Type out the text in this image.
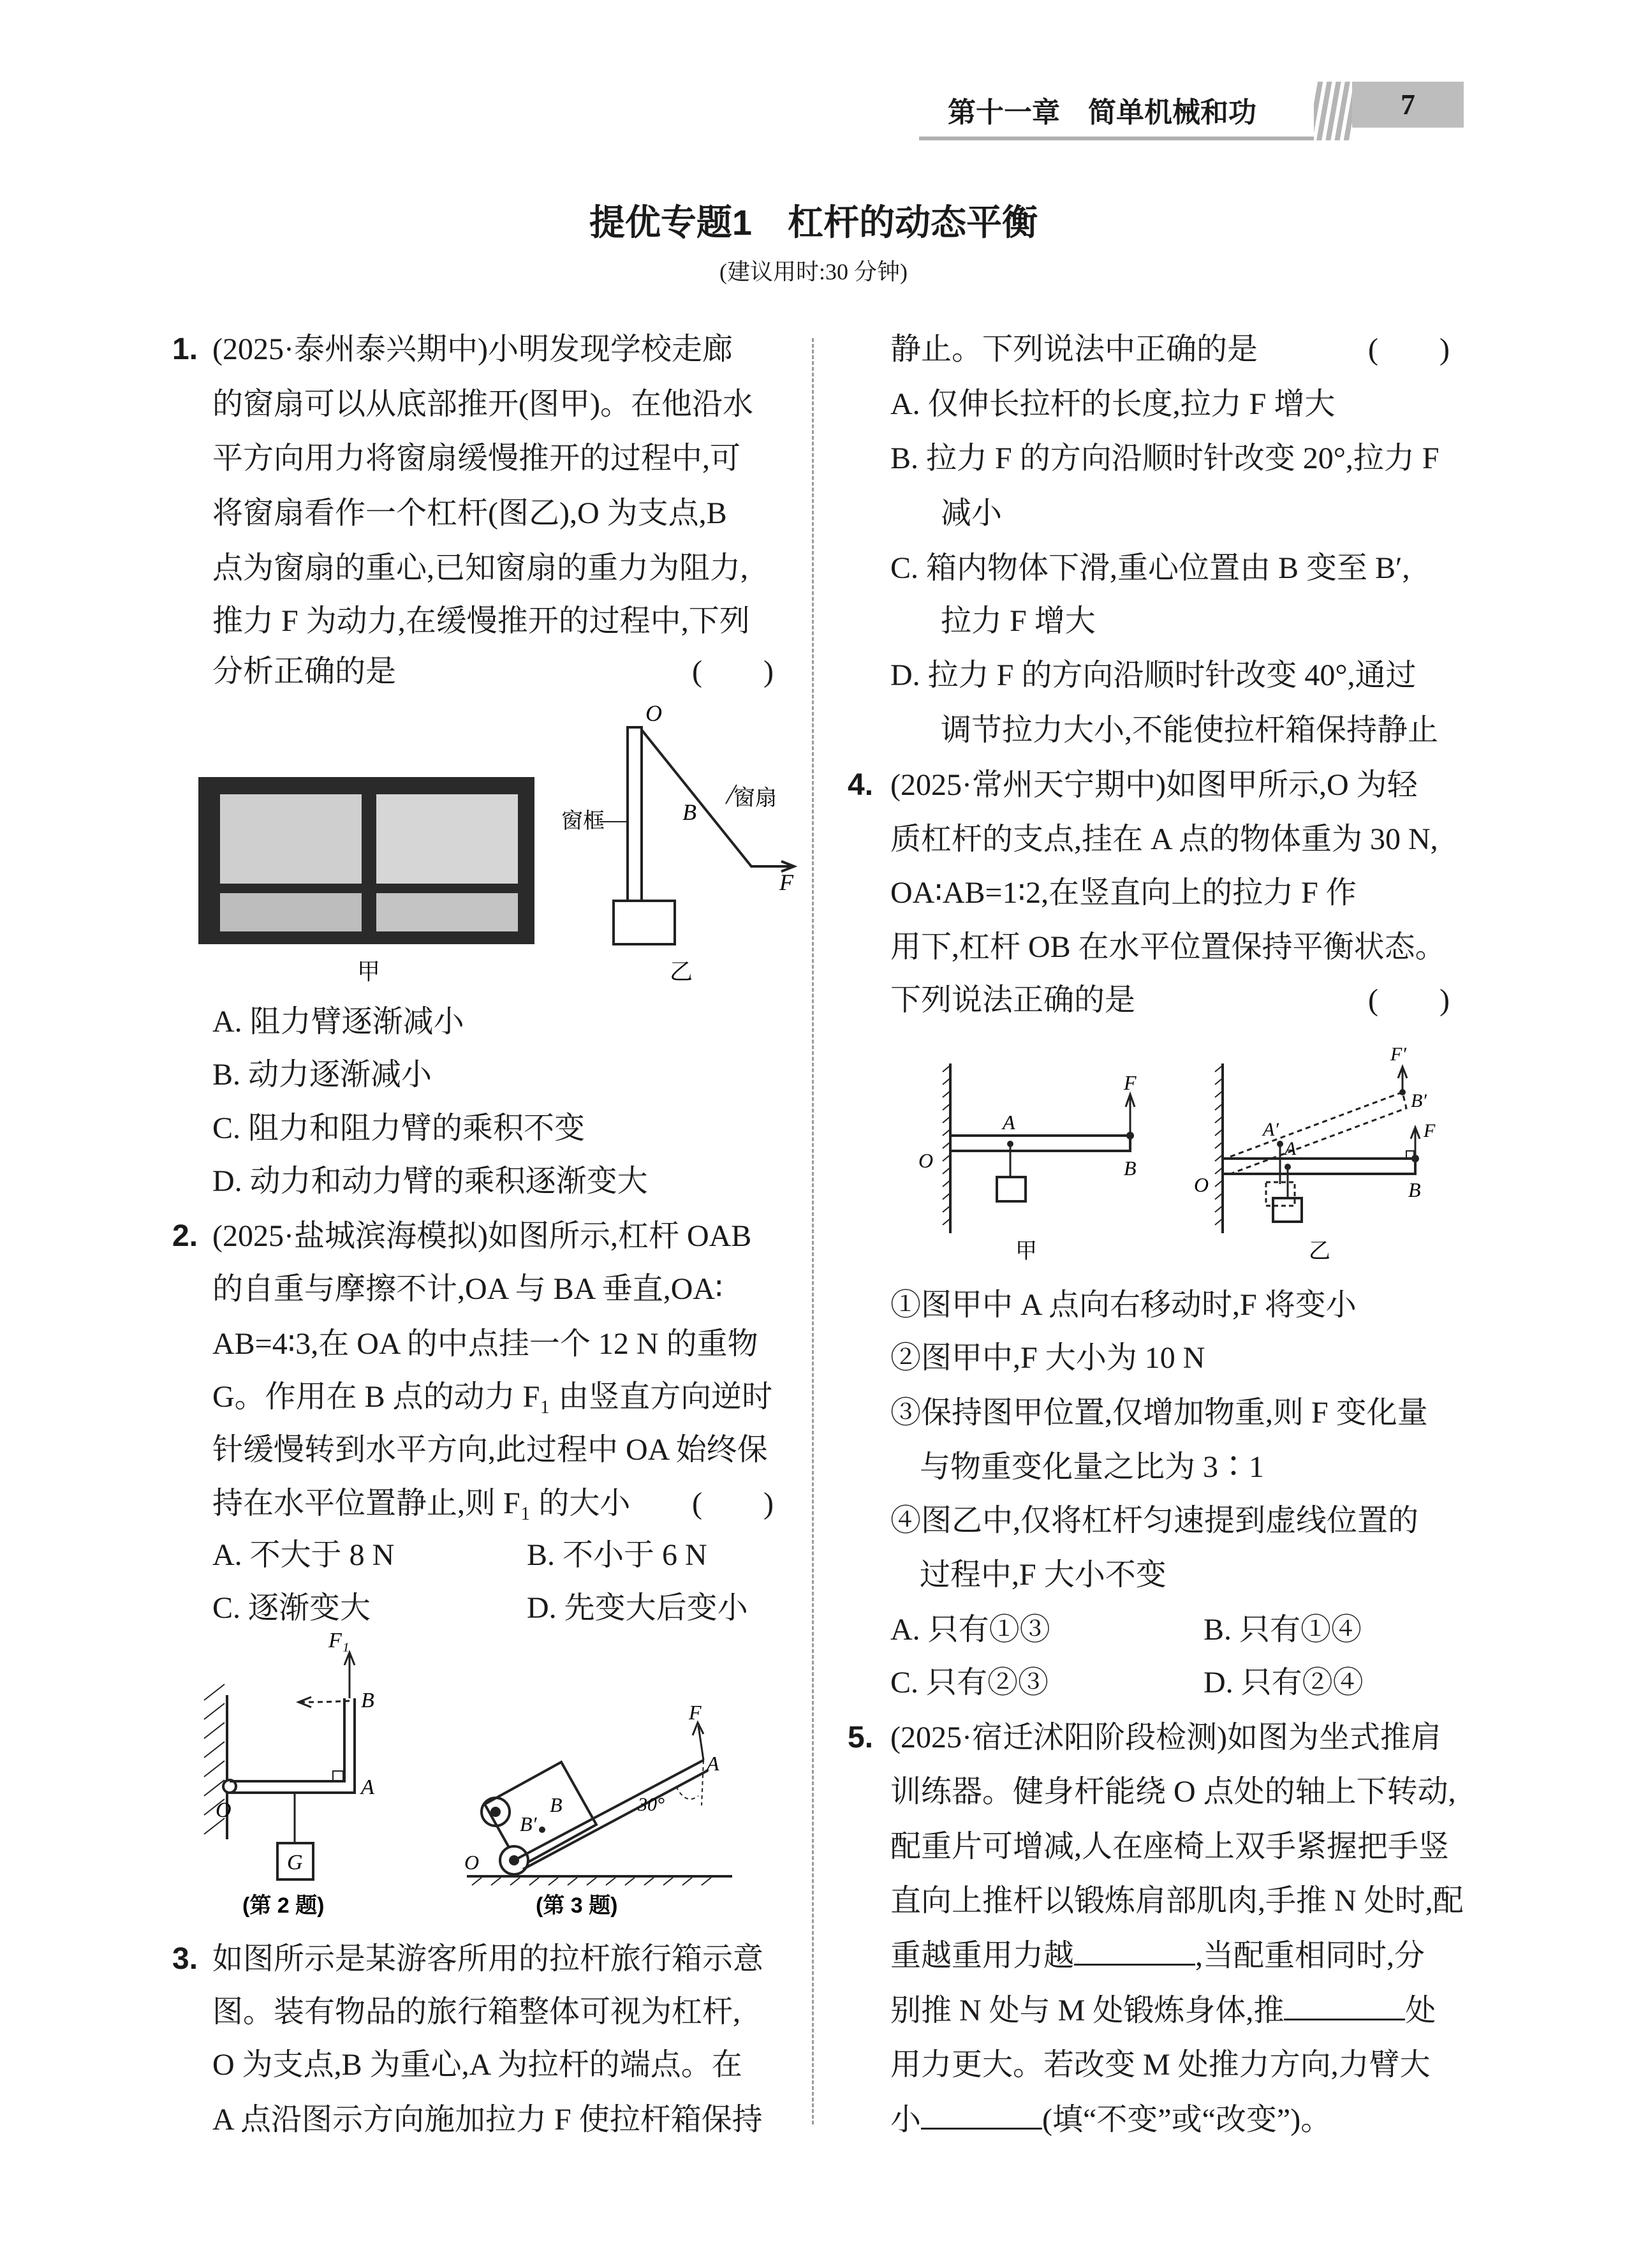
第十一章　简单机械和功	7
提优专题1　杠杆的动态平衡
(建议用时:30 分钟)
1. (2025·泰州泰兴期中)小明发现学校走廊
的窗扇可以从底部推开(图甲)。在他沿水
平方向用力将窗扇缓慢推开的过程中,可
将窗扇看作一个杠杆(图乙),O 为支点,B
点为窗扇的重心,已知窗扇的重力为阻力,
推力 F 为动力,在缓慢推开的过程中,下列
分析正确的是	(　　)
甲
O
B
窗框
窗扇
F
乙
A. 阻力臂逐渐减小
B. 动力逐渐减小
C. 阻力和阻力臂的乘积不变
D. 动力和动力臂的乘积逐渐变大
2. (2025·盐城滨海模拟)如图所示,杠杆 OAB
的自重与摩擦不计,OA 与 BA 垂直,OA∶
AB=4∶3,在 OA 的中点挂一个 12 N 的重物
G。作用在 B 点的动力 F₁ 由竖直方向逆时
针缓慢转到水平方向,此过程中 OA 始终保
持在水平位置静止,则 F₁ 的大小 (　　)
A. 不大于 8 N	B. 不小于 6 N
C. 逐渐变大	D. 先变大后变小
F₁
B
A
O
G
(第 2 题)
F
A
B
B′
30°
O
(第 3 题)
3. 如图所示是某游客所用的拉杆旅行箱示意
图。装有物品的旅行箱整体可视为杠杆,
O 为支点,B 为重心,A 为拉杆的端点。在
A 点沿图示方向施加拉力 F 使拉杆箱保持
静止。下列说法中正确的是	(　　)
A. 仅伸长拉杆的长度,拉力 F 增大
B. 拉力 F 的方向沿顺时针改变 20°,拉力 F
减小
C. 箱内物体下滑,重心位置由 B 变至 B′,
拉力 F 增大
D. 拉力 F 的方向沿顺时针改变 40°,通过
调节拉力大小,不能使拉杆箱保持静止
4. (2025·常州天宁期中)如图甲所示,O 为轻
质杠杆的支点,挂在 A 点的物体重为 30 N,
OA∶AB=1∶2,在竖直向上的拉力 F 作
用下,杠杆 OB 在水平位置保持平衡状态。
下列说法正确的是	(　　)
O
A
B
F
甲
O
A′
A
B
B′
F
F′
乙
①图甲中 A 点向右移动时,F 将变小
②图甲中,F 大小为 10 N
③保持图甲位置,仅增加物重,则 F 变化量
与物重变化量之比为 3∶1
④图乙中,仅将杠杆匀速提到虚线位置的
过程中,F 大小不变
A. 只有①③	B. 只有①④
C. 只有②③	D. 只有②④
5. (2025·宿迁沭阳阶段检测)如图为坐式推肩
训练器。健身杆能绕 O 点处的轴上下转动,
配重片可增减,人在座椅上双手紧握把手竖
直向上推杆以锻炼肩部肌肉,手推 N 处时,配
重越重用力越	,当配重相同时,分
别推 N 处与 M 处锻炼身体,推	处
用力更大。若改变 M 处推力方向,力臂大
小	(填“不变”或“改变”)。
